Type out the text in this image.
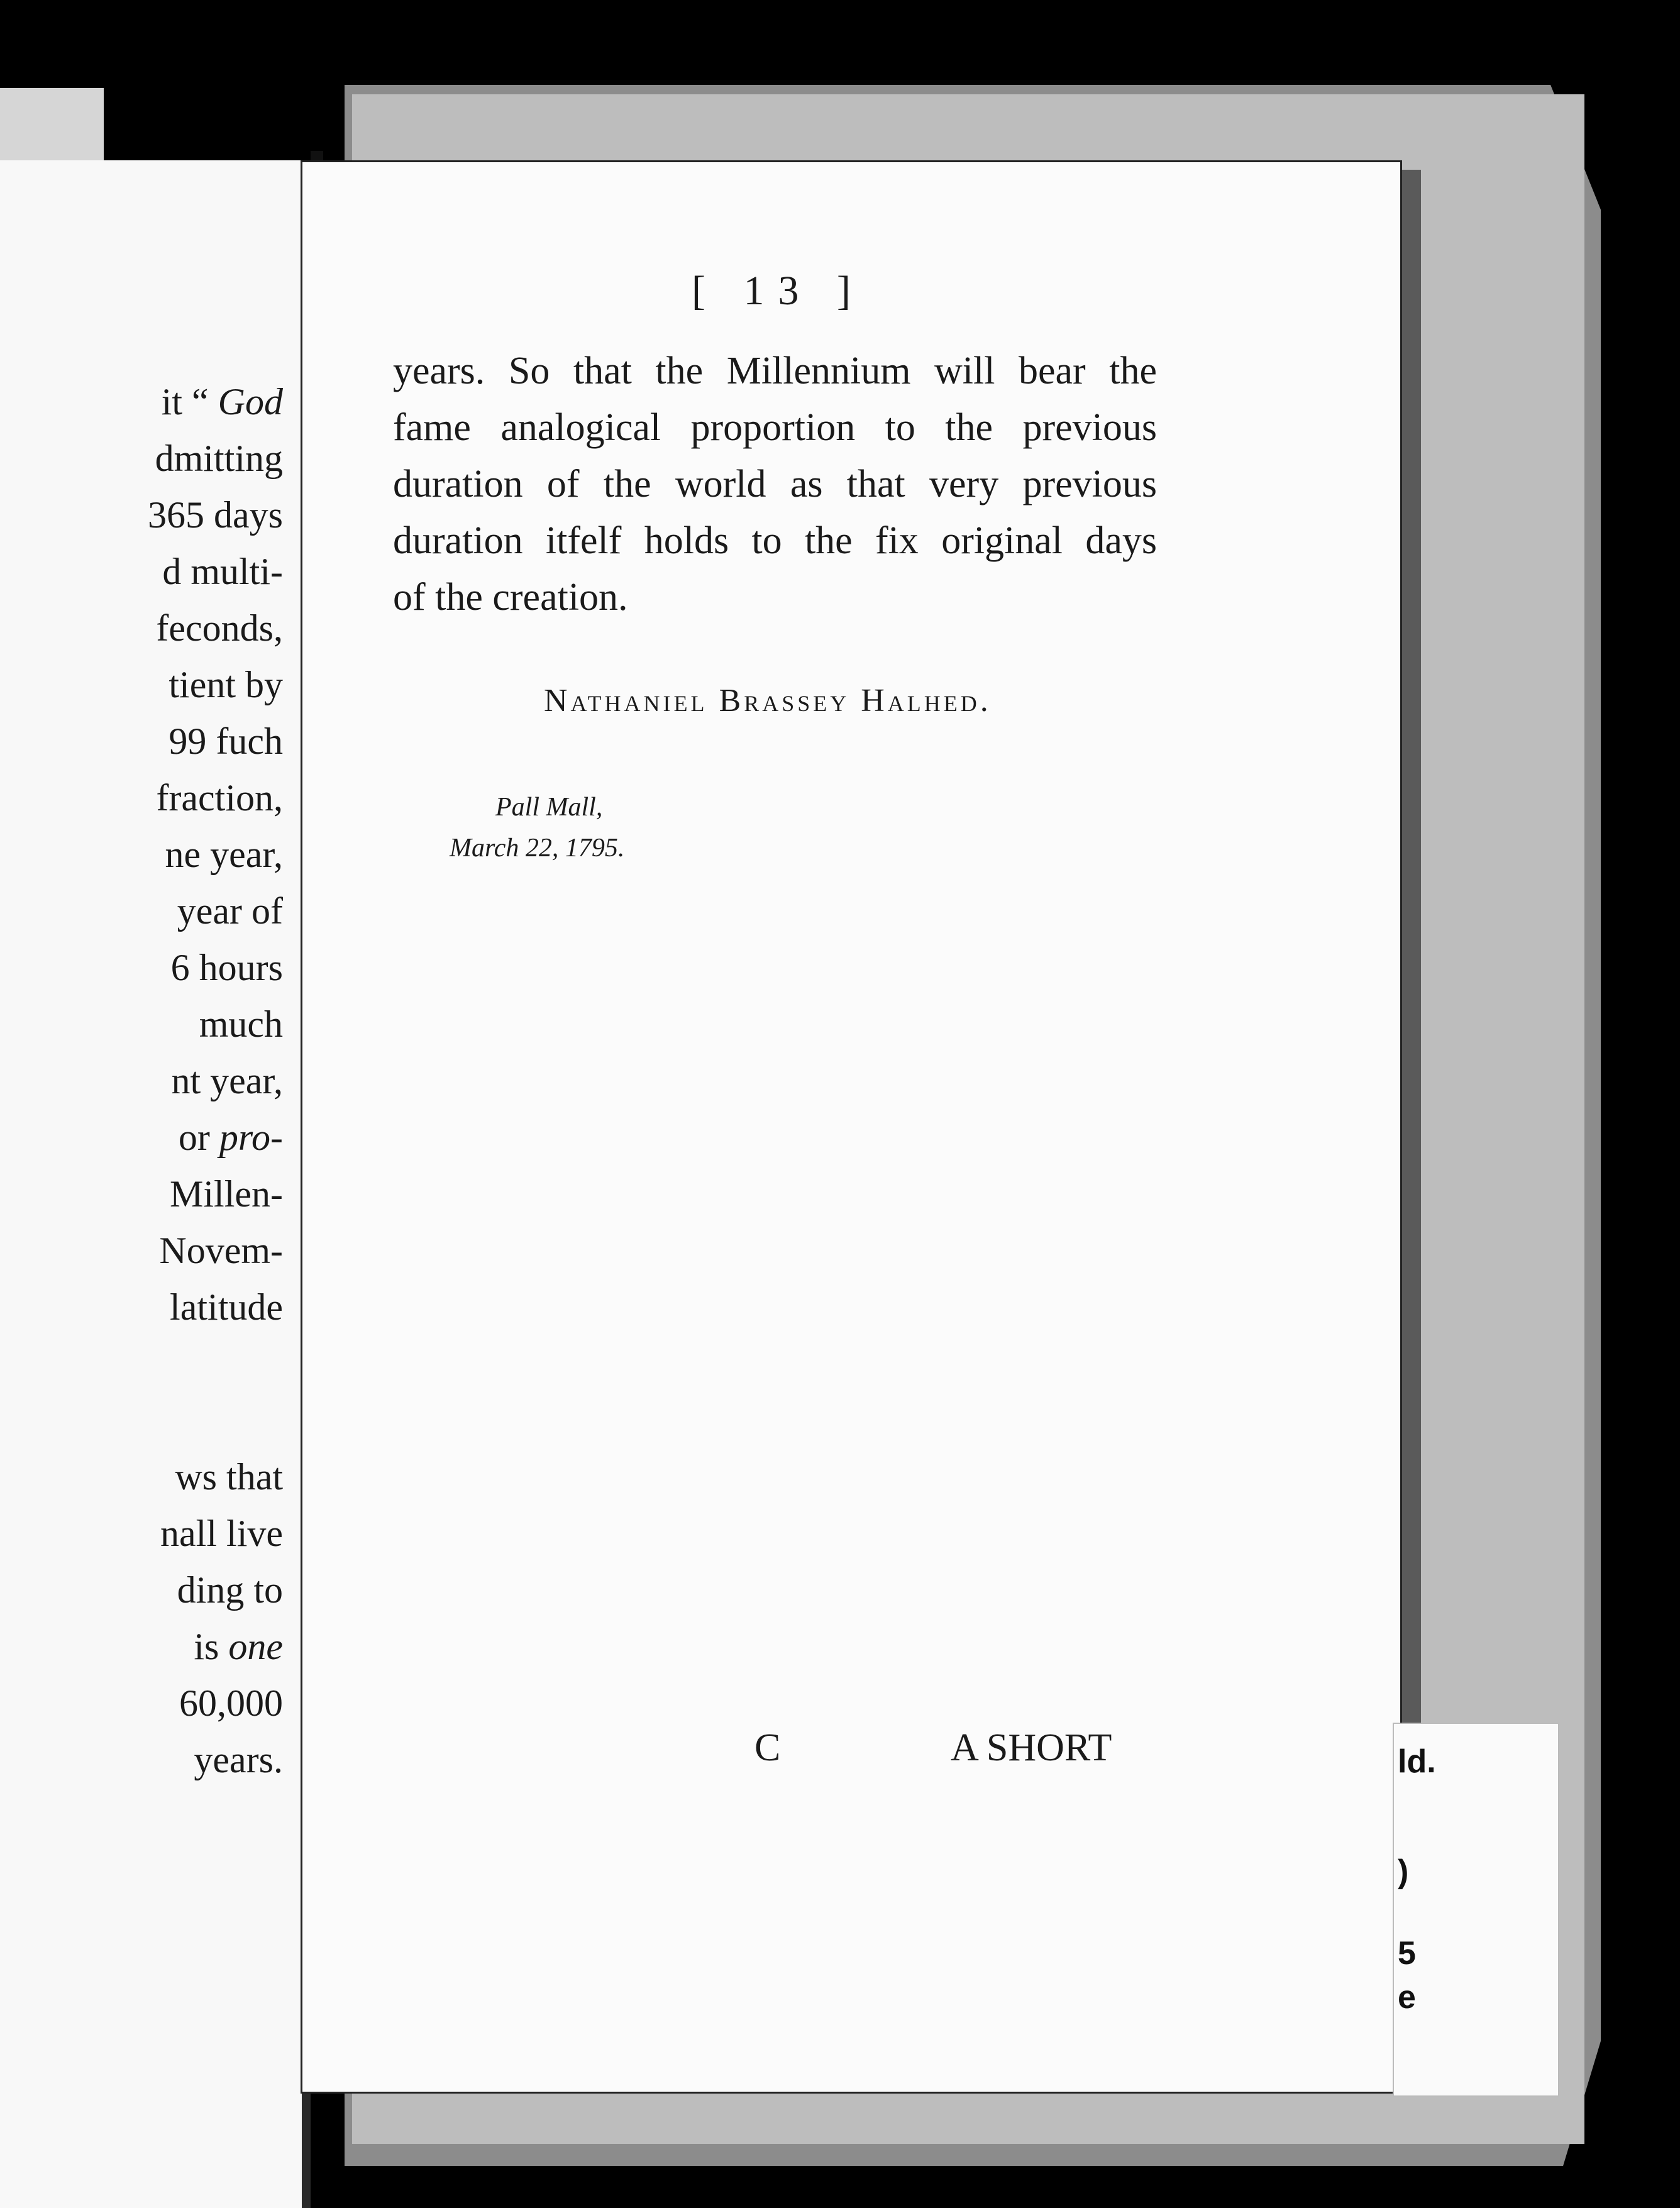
it “ God
dmitting
365 days
d multi-
feconds,
tient by
99 fuch
fraction,
ne year,
year of
6 hours
much
nt year,
or pro-
Millen-
Novem-
latitude
ws that
nall live
ding to
is one
60,000
years.
[ 13 ]
years. So that the Millennium will bear the
fame analogical proportion to the previous
duration of the world as that very previous
duration itfelf holds to the fix original days
of the creation.
Nathaniel Brassey Halhed.
Pall Mall,
March 22, 1795.
C	A SHORT	ld.
)
5
e
